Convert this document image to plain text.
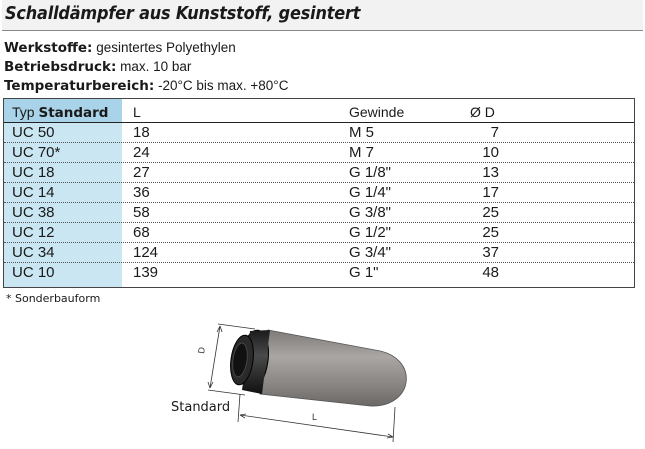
Schalldämpfer aus Kunststoff, gesintert
Werkstoffe: gesintertes Polyethylen
Betriebsdruck: max. 10 bar
Temperaturbereich: -20°C bis max. +80°C
Typ Standard L	Gewinde	Ø D
UC 50	18	M 5	7
UC 70*	24	M 7	10
UC 18	27	G 1/8"	13
UC 14	36	G 1/4"	17
UC 38	58	G 3/8"	25
UC 12	68	G 1/2"	25
UC 34	124	G 3/4"	37
UC 10	139	G 1"	48
* Sonderbauform
D
L
Standard
